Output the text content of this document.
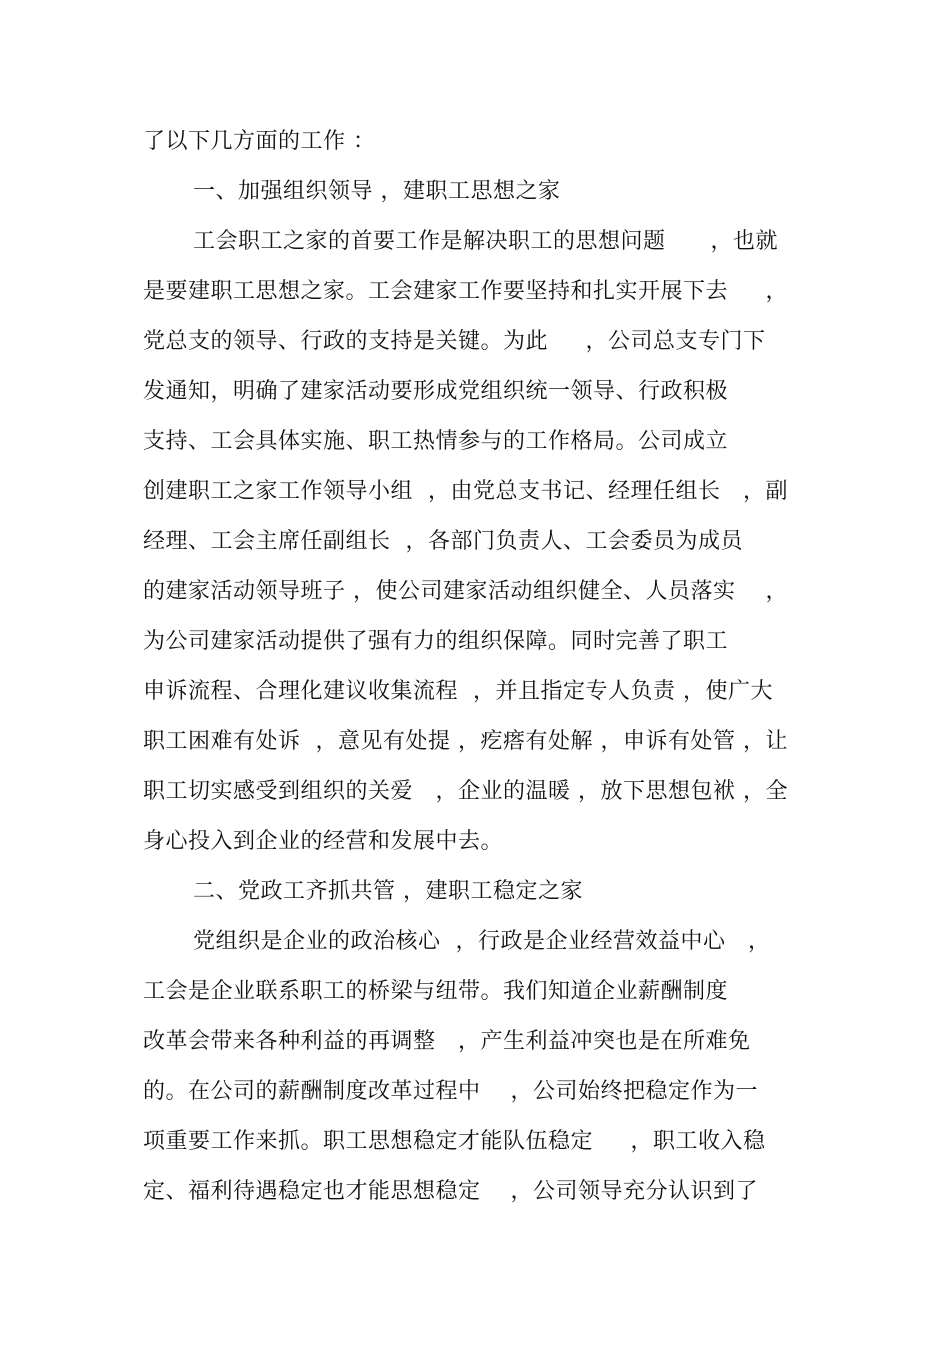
了以下几方面的工作 ：
一、加强组织领导 ，建职工思想之家
工会职工之家的首要工作是解决职工的思想问题      ，也就
是要建职工思想之家。工会建家工作要坚持和扎实开展下去     ，
党总支的领导、行政的支持是关键。为此     ，公司总支专门下
发通知，明确了建家活动要形成党组织统一领导、行政积极
支持、工会具体实施、职工热情参与的工作格局。公司成立
创建职工之家工作领导小组  ，由党总支书记、经理任组长   ，副
经理、工会主席任副组长  ，各部门负责人、工会委员为成员
的建家活动领导班子 ，使公司建家活动组织健全、人员落实    ，
为公司建家活动提供了强有力的组织保障。同时完善了职工
申诉流程、合理化建议收集流程  ，并且指定专人负责 ，使广大
职工困难有处诉  ，意见有处提 ，疙瘩有处解 ，申诉有处管 ，让
职工切实感受到组织的关爱   ，企业的温暖 ，放下思想包袱 ，全
身心投入到企业的经营和发展中去。
二、党政工齐抓共管 ，建职工稳定之家
党组织是企业的政治核心  ，行政是企业经营效益中心   ，
工会是企业联系职工的桥梁与纽带。我们知道企业薪酬制度
改革会带来各种利益的再调整   ，产生利益冲突也是在所难免
的。在公司的薪酬制度改革过程中    ，公司始终把稳定作为一
项重要工作来抓。职工思想稳定才能队伍稳定     ，职工收入稳
定、福利待遇稳定也才能思想稳定    ，公司领导充分认识到了
